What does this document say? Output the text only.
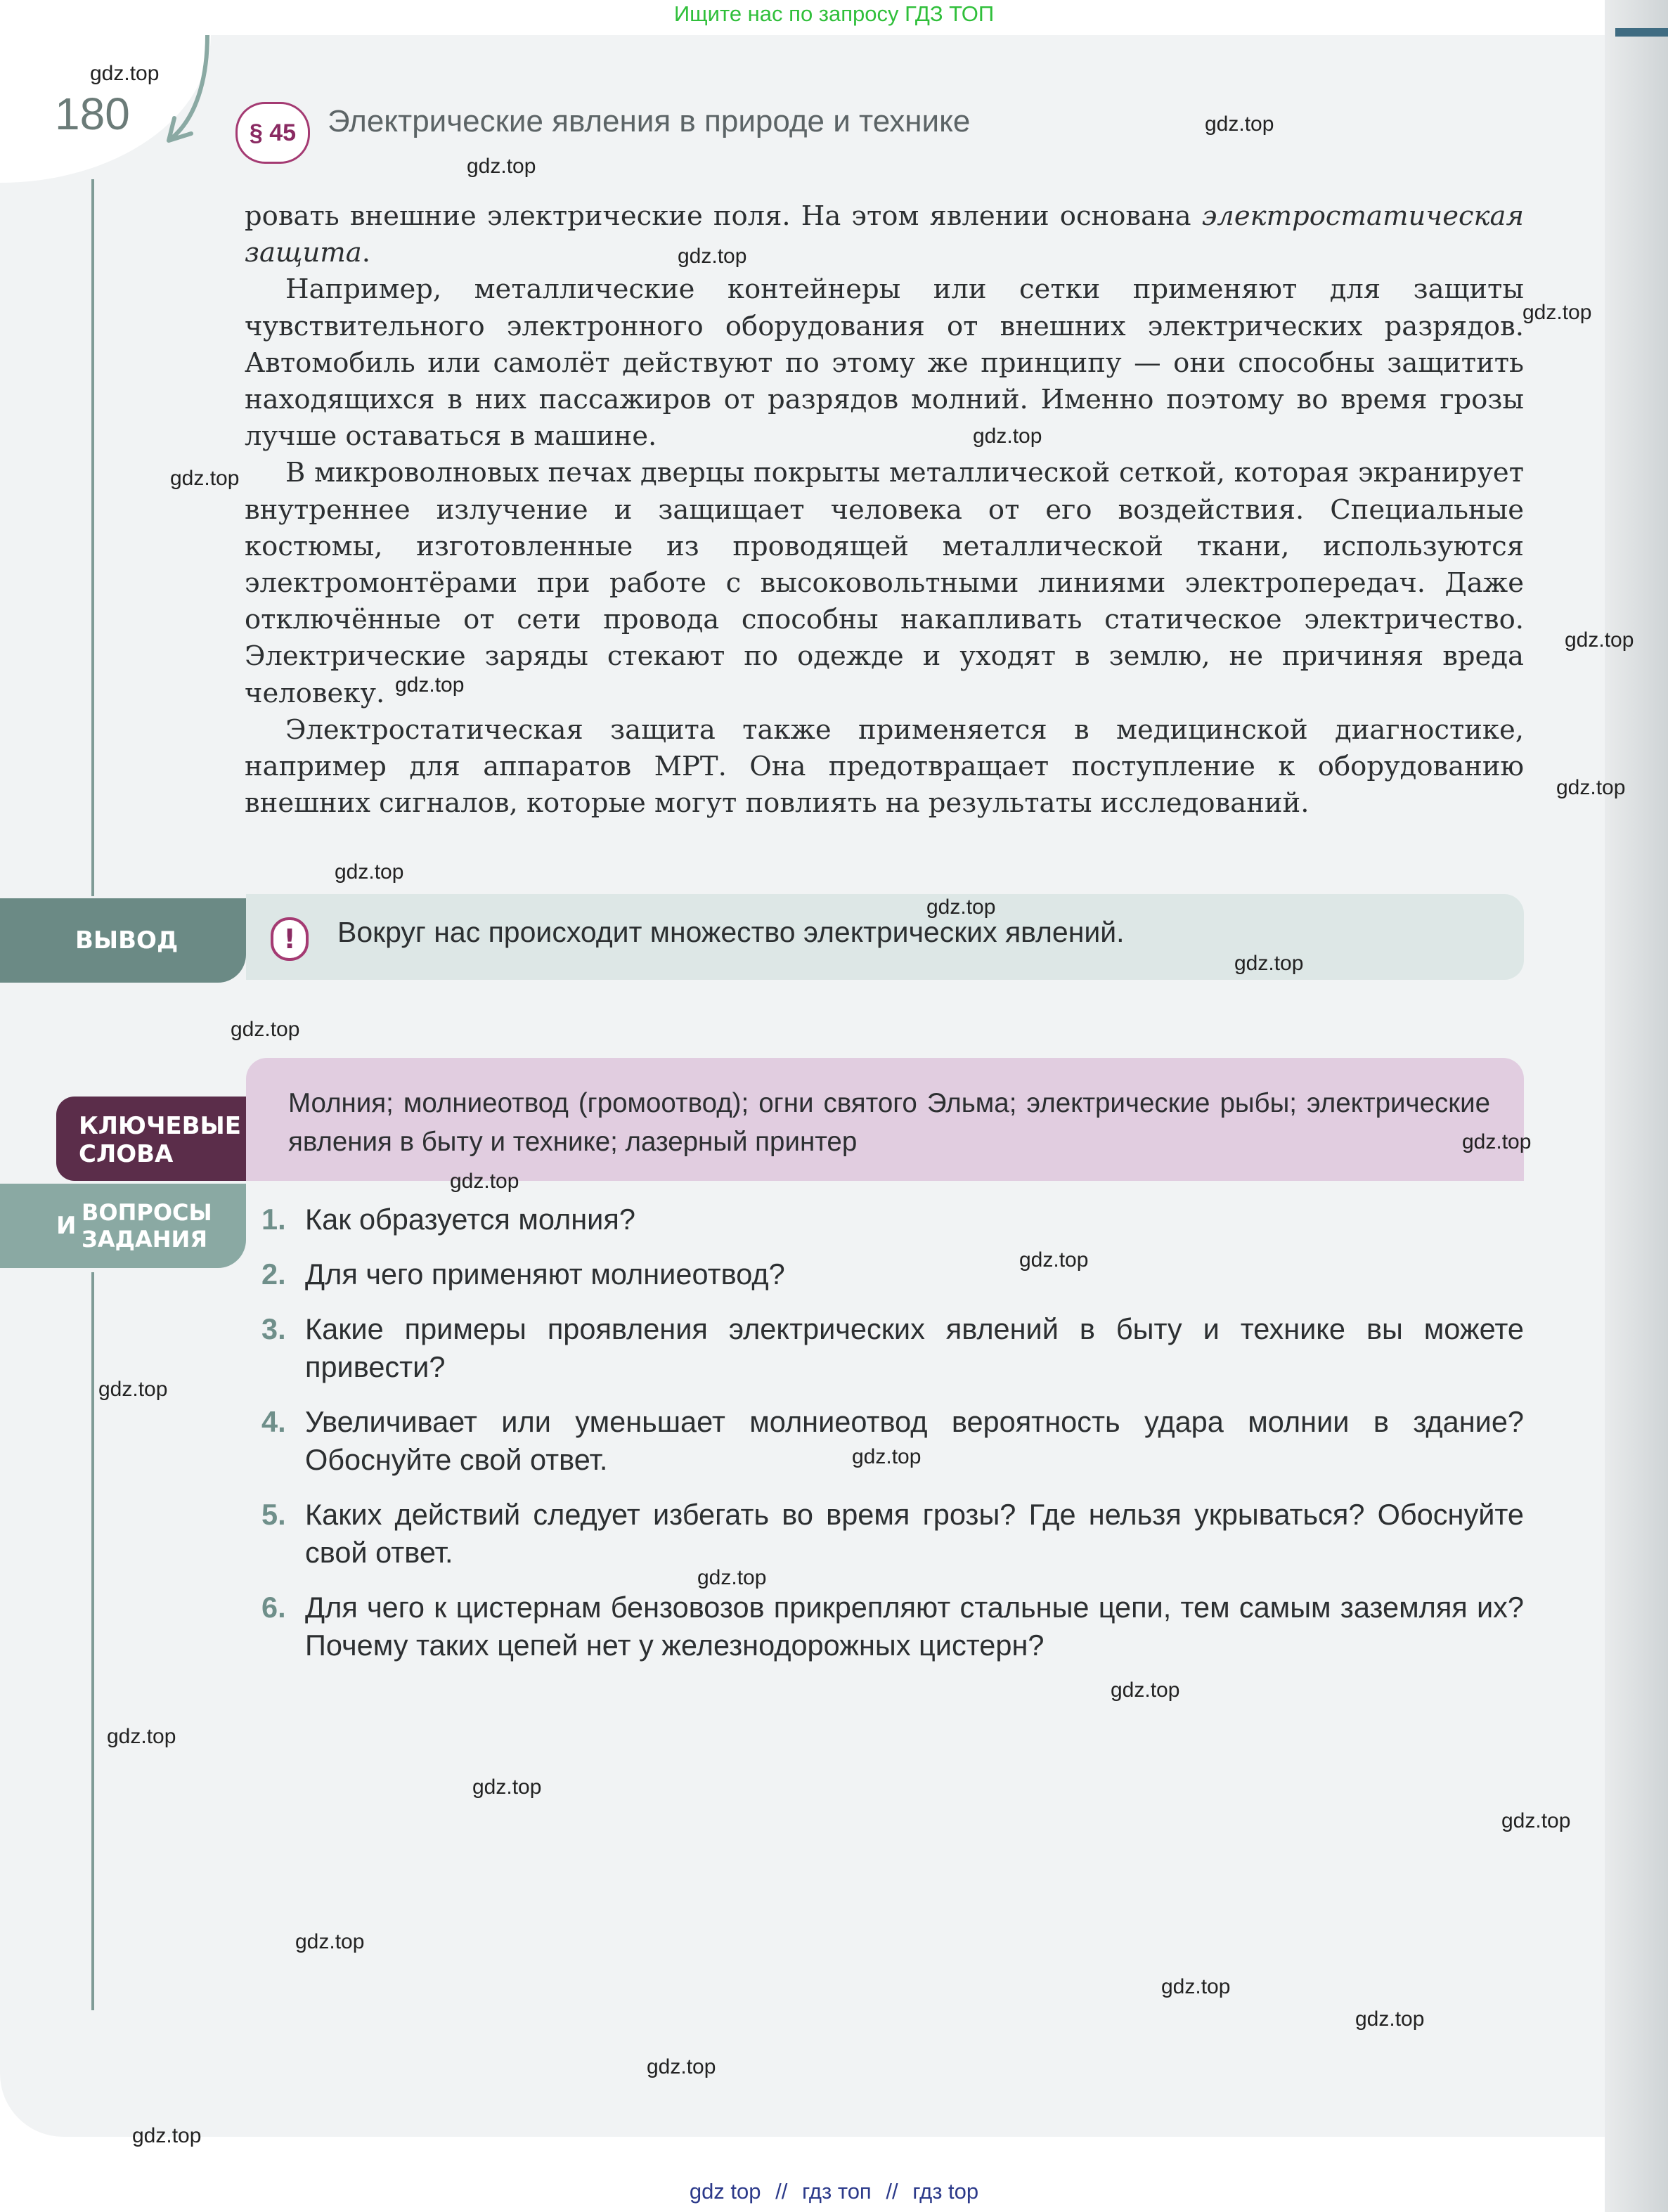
Ищите нас по запросу ГДЗ ТОП
180	§ 45	Электрические явления в природе и технике

ровать внешние электрические поля. На этом явлении основана электростатическая защита.

Например, металлические контейнеры или сетки применяют для защиты чувствительного электронного оборудования от внешних электрических разрядов. Автомобиль или самолёт действуют по этому же принципу — они способны защитить находящихся в них пассажиров от разрядов молний. Именно поэтому во время грозы лучше оставаться в машине.

В микроволновых печах дверцы покрыты металлической сеткой, которая экранирует внутреннее излучение и защищает человека от его воздействия. Специальные костюмы, изготовленные из проводящей металлической ткани, используются электромонтёрами при работе с высоковольтными линиями электропередач. Даже отключённые от сети провода способны накапливать статическое электричество. Электрические заряды стекают по одежде и уходят в землю, не причиняя вреда человеку.

Электростатическая защита также применяется в медицинской диагностике, например для аппаратов МРТ. Она предотвращает поступление к оборудованию внешних сигналов, которые могут повлиять на результаты исследований.

ВЫВОД	!	Вокруг нас происходит множество электрических явлений.
КЛЮЧЕВЫЕ
СЛОВА
Молния; молниеотвод (громоотвод); огни святого Эльма; электрические рыбы; электрические явления в быту и технике; лазерный принтер
И ВОПРОСЫ
ЗАДАНИЯ
1. Как образуется молния?
2. Для чего применяют молниеотвод?
3. Какие примеры проявления электрических явлений в быту и технике вы можете привести?
4. Увеличивает или уменьшает молниеотвод вероятность удара молнии в здание? Обоснуйте свой ответ.
5. Каких действий следует избегать во время грозы? Где нельзя укрываться? Обоснуйте свой ответ.
6. Для чего к цистернам бензовозов прикрепляют стальные цепи, тем самым заземляя их? Почему таких цепей нет у железнодорожных цистерн?
gdz.top
gdz.top
gdz.top
gdz.top
gdz.top
gdz.top
gdz.top
gdz.top
gdz.top
gdz.top
gdz.top
gdz.top
gdz.top
gdz.top
gdz.top
gdz.top
gdz.top
gdz.top
gdz.top
gdz.top
gdz.top
gdz.top
gdz.top
gdz.top
gdz.top
gdz.top
gdz.top
gdz.top
gdz.top
gdz top // гдз топ // гдз top
